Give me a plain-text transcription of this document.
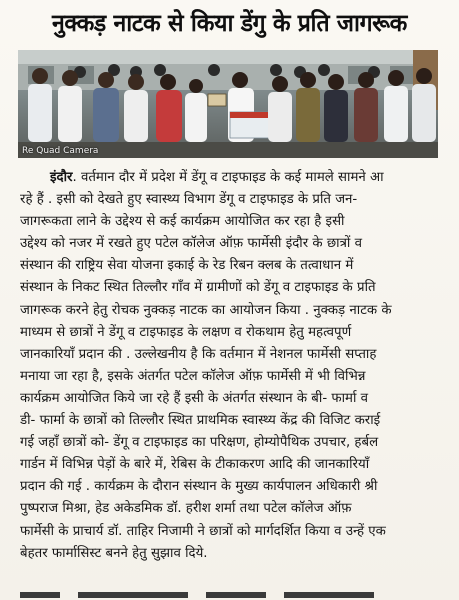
नुक्कड़ नाटक से किया डेंगु के प्रति जागरूक
Re Quad Camera
इंदौर. वर्तमान दौर में प्रदेश में डेंगू व टाइफाइड के कई मामले सामने आ
रहे हैं . इसी को देखते हुए स्वास्थ्य विभाग डेंगू व टाइफाइड के प्रति जन-
जागरूकता लाने के उद्देश्य से कई कार्यक्रम आयोजित कर रहा है इसी
उद्देश्य को नजर में रखते हुए पटेल कॉलेज ऑफ़ फार्मेसी इंदौर के छात्रों व
संस्थान की राष्ट्रिय सेवा योजना इकाई के रेड रिबन क्लब के तत्वाधान में
संस्थान के निकट स्थित तिल्लौर गाँव में ग्रामीणों को डेंगू व टाइफाइड के प्रति
जागरूक करने हेतु रोचक नुक्कड़ नाटक का आयोजन किया . नुक्कड़ नाटक के
माध्यम से छात्रों ने डेंगू व टाइफाइड के लक्षण व रोकथाम हेतु महत्वपूर्ण
जानकारियाँ प्रदान की . उल्लेखनीय है कि वर्तमान में नेशनल फार्मेसी सप्ताह
मनाया जा रहा है, इसके अंतर्गत पटेल कॉलेज ऑफ़ फार्मेसी में भी विभिन्न
कार्यक्रम आयोजित किये जा रहे हैं इसी के अंतर्गत संस्थान के बी- फार्मा व
डी- फार्मा के छात्रों को तिल्लौर स्थित प्राथमिक स्वास्थ्य केंद्र की विजिट कराई
गई जहाँ छात्रों को- डेंगू व टाइफाइड का परिक्षण, होम्योपैथिक उपचार, हर्बल
गार्डन में विभिन्न पेड़ों के बारे में, रेबिस के टीकाकरण आदि की जानकारियाँ
प्रदान की गई . कार्यक्रम के दौरान संस्थान के मुख्य कार्यपालन अधिकारी श्री
पुष्पराज मिश्रा, हेड अकेडमिक डॉ. हरीश शर्मा तथा पटेल कॉलेज ऑफ़
फार्मेसी के प्राचार्य डॉ. ताहिर निजामी ने छात्रों को मार्गदर्शित किया व उन्हें एक
बेहतर फार्मासिस्ट बनने हेतु सुझाव दिये.
